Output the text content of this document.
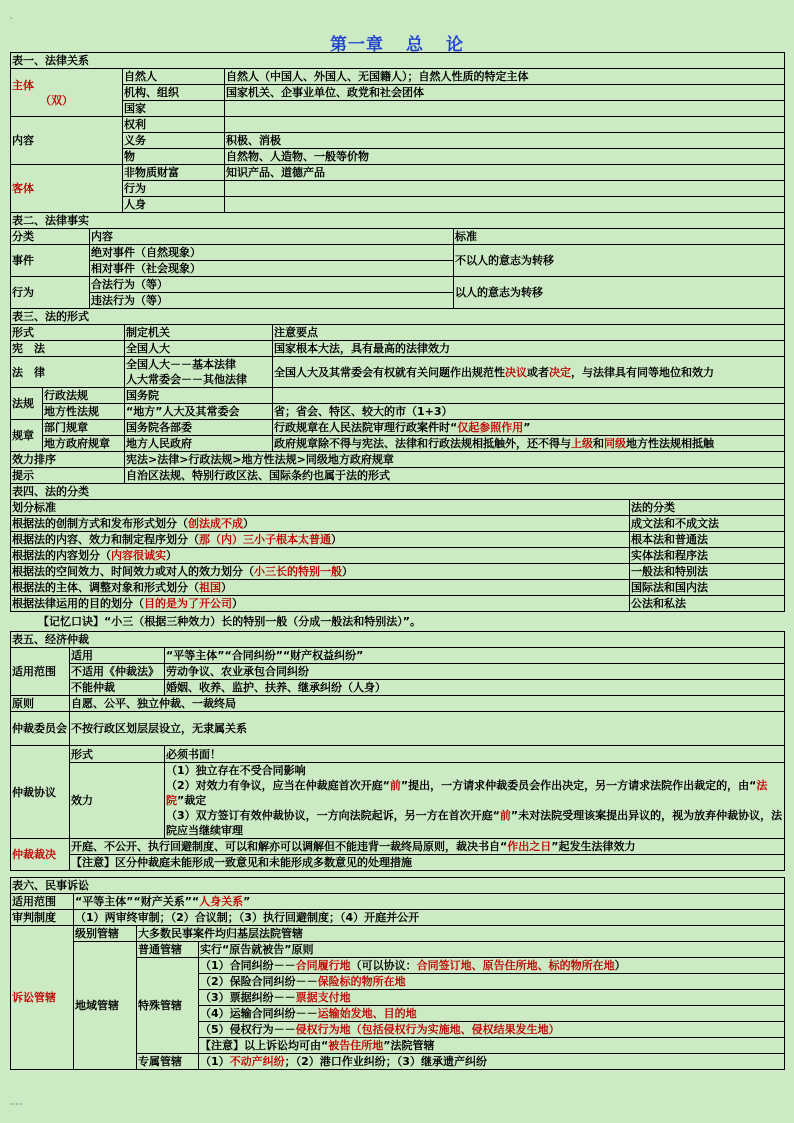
·
第一章 总 论
表一、法律关系		

主体
（双）	自然人	自然人（中国人、外国人、无国籍人）；自然人性质的特定主体
	机构、组织	国家机关、企事业单位、政党和社会团体
	国家	
内容	权利	
	义务	积极、消极
	物	自然物、人造物、一般等价物
客体	非物质财富	知识产品、道德产品
	行为	
	人身	
表二、法律事实		
分类	内容	标准
事件	绝对事件（自然现象）	不以人的意志为转移
	相对事件（社会现象）	
行为	合法行为（等）	以人的意志为转移
	违法行为（等）	
表三、法的形式			
形式		制定机关	注意要点
宪　法		全国人大	国家根本大法，具有最高的法律效力
法　律		全国人大－－基本法律
人大常委会－－其他法律	全国人大及其常委会有权就有关问题作出规范性决议或者决定，与法律具有同等地位和效力
法规	行政法规	国务院	
	地方性法规	“地方”人大及其常委会	省；省会、特区、较大的市（1+3）
规章	部门规章	国务院各部委	行政规章在人民法院审理行政案件时“仅起参照作用”
	地方政府规章	地方人民政府	政府规章除不得与宪法、法律和行政法规相抵触外，还不得与上级和同级地方性法规相抵触
效力排序		宪法>法律>行政法规>地方性法规>同级地方政府规章	
提示		自治区法规、特别行政区法、国际条约也属于法的形式	
表四、法的分类	
划分标准	法的分类
根据法的创制方式和发布形式划分（创法成不成）	成文法和不成文法
根据法的内容、效力和制定程序划分（那（内）三小子根本太普通）	根本法和普通法
根据法的内容划分（内容很诚实）	实体法和程序法
根据法的空间效力、时间效力或对人的效力划分（小三长的特别一般）	一般法和特别法
根据法的主体、调整对象和形式划分（祖国）	国际法和国内法
根据法律运用的目的划分（目的是为了开公司）	公法和私法
【记忆口诀】“小三（根据三种效力）长的特别一般（分成一般法和特别法）”。
表五、经济仲裁		
适用范围	适用	“平等主体”“合同纠纷”“财产权益纠纷”
	不适用《仲裁法》	劳动争议、农业承包合同纠纷
	不能仲裁	婚姻、收养、监护、扶养、继承纠纷（人身）
原则	自愿、公平、独立仲裁、一裁终局	
仲裁委员会	不按行政区划层层设立，无隶属关系	
仲裁协议	形式	必须书面！
	效力	（1）独立存在不受合同影响
（2）对效力有争议，应当在仲裁庭首次开庭“前”提出，一方请求仲裁委员会作出决定，另一方请求法院作出裁定的，由“法院”裁定
（3）双方签订有效仲裁协议，一方向法院起诉，另一方在首次开庭“前”未对法院受理该案提出异议的，视为放弃仲裁协议，法院应当继续审理

仲裁裁决	开庭、不公开、执行回避制度、可以和解亦可以调解但不能违背一裁终局原则，裁决书自“作出之日”起发生法律效力	
	【注意】区分仲裁庭未能形成一致意见和未能形成多数意见的处理措施	
表六、民事诉讼			
适用范围	“平等主体”“财产关系”“人身关系”		
审判制度	（1）两审终审制；（2）合议制；（3）执行回避制度；（4）开庭并公开		
诉讼管辖	级别管辖	大多数民事案件均归基层法院管辖	
	地域管辖	普通管辖	实行“原告就被告”原则
		特殊管辖	（1）合同纠纷－－合同履行地（可以协议：合同签订地、原告住所地、标的物所在地）
			（2）保险合同纠纷－－保险标的物所在地
			（3）票据纠纷－－票据支付地
			（4）运输合同纠纷－－运输始发地、目的地
			（5）侵权行为－－侵权行为地（包括侵权行为实施地、侵权结果发生地）
			【注意】以上诉讼均可由“被告住所地”法院管辖
		专属管辖	（1）不动产纠纷；（2）港口作业纠纷；（3）继承遗产纠纷
·····
